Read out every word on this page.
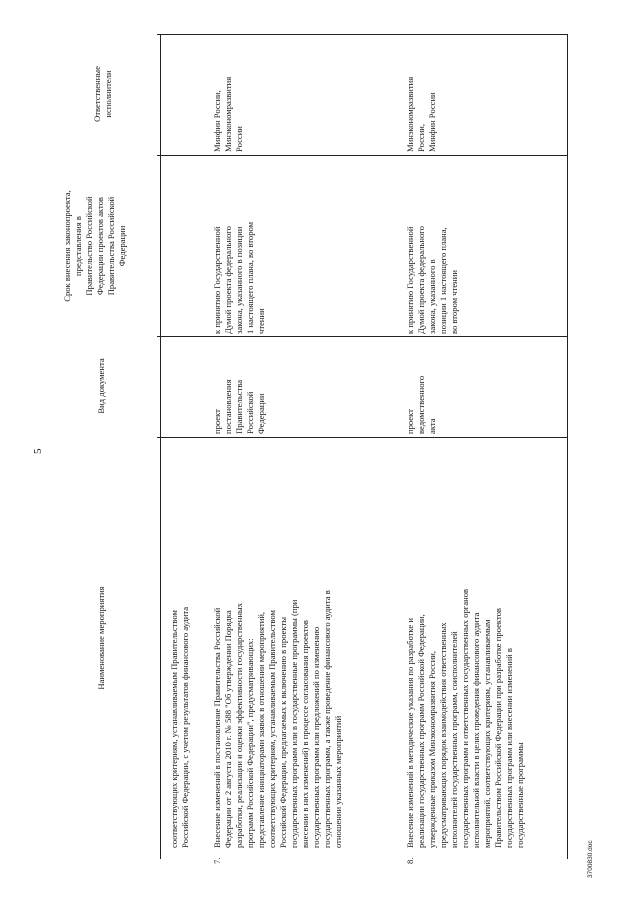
5
Наименование мероприятия
Вид документа
Срок внесения законопроекта,
представления в
Правительство Российской
Федерации проектов актов
Правительства Российской
Федерации
Ответственные
исполнители
соответствующих критериям, устанавливаемым Правительством
Российской Федерации, с учетом результатов финансового аудита
7.
Внесение изменений в постановление Правительства Российской
Федерации от 2 августа 2010 г. № 588 "Об утверждении Порядка
разработки, реализации и оценки эффективности государственных
программ Российской Федерации", предусматривающих:
представление инициаторами заявок в отношении мероприятий,
соответствующих критериям, устанавливаемым Правительством
Российской Федерации, предлагаемых к включению в проекты
государственных программ или в государственные программы (при
внесении в них изменений) в процессе согласования проектов
государственных программ или предложений по изменению
государственных программ, а также проведение финансового аудита в
отношении указанных мероприятий
проект
постановления
Правительства
Российской
Федерации
к принятию Государственной
Думой проекта федерального
закона, указанного в позиции
1 настоящего плана, во втором
чтении
Минфин России,
Минэкономразвития
России
8.
Внесение изменений в методические указания по разработке и
реализации государственных программ Российской Федерации,
утвержденные приказом Минэкономразвития России,
предусматривающих порядок взаимодействия ответственных
исполнителей государственных программ, соисполнителей
государственных программ и ответственных государственных органов
исполнительной власти в целях проведения финансового аудита
мероприятий, соответствующих критериям, устанавливаемым
Правительством Российской Федерации при разработке проектов
государственных программ или внесении изменений в
государственные программы
проект
ведомственного
акта
к принятию Государственной
Думой проекта федерального
закона, указанного в
позиции 1 настоящего плана,
во втором чтении
Минэкономразвития
России,
Минфин России
3700830.doc
